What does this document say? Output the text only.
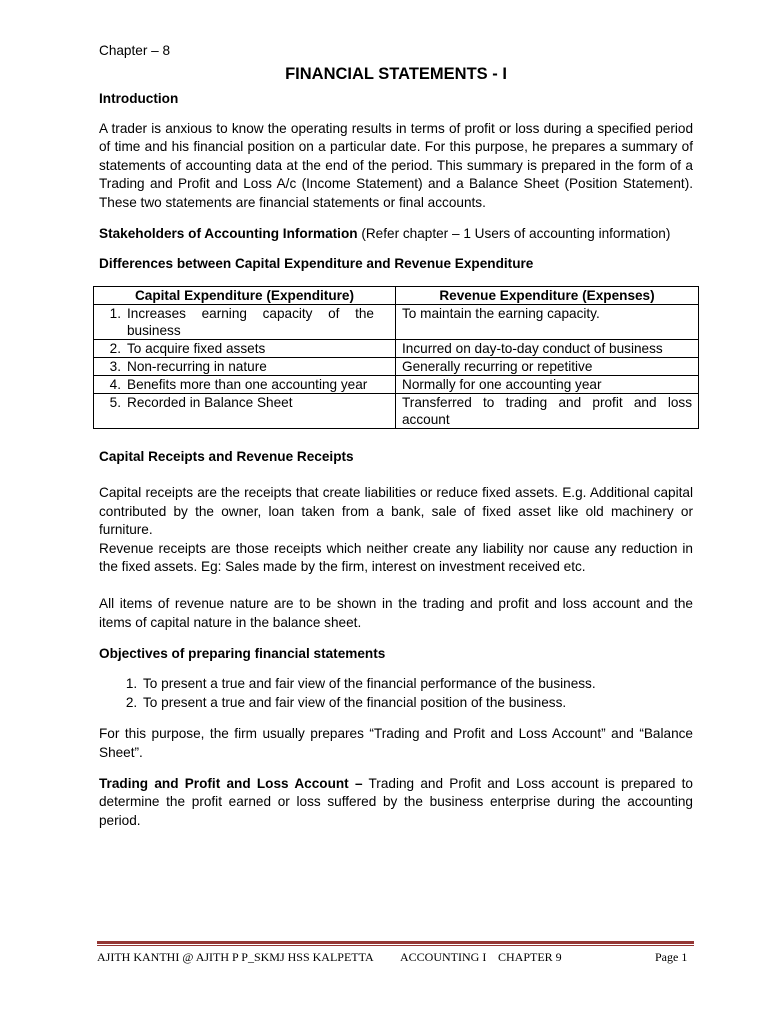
Chapter – 8

FINANCIAL STATEMENTS - I
Introduction

A trader is anxious to know the operating results in terms of profit or loss during a specified period of time and his financial position on a particular date. For this purpose, he prepares a summary of statements of accounting data at the end of the period. This summary is prepared in the form of a Trading and Profit and Loss A/c (Income Statement) and a Balance Sheet (Position Statement). These two statements are financial statements or final accounts.

Stakeholders of Accounting Information (Refer chapter – 1 Users of accounting information)

Differences between Capital Expenditure and Revenue Expenditure
Capital Expenditure (Expenditure)	Revenue Expenditure (Expenses)
1. Increases earning capacity of the business	To maintain the earning capacity.
2. To acquire fixed assets	Incurred on day-to-day conduct of business
3. Non-recurring in nature	Generally recurring or repetitive
4. Benefits more than one accounting year	Normally for one accounting year
5. Recorded in Balance Sheet	Transferred to trading and profit and loss account
Capital Receipts and Revenue Receipts

Capital receipts are the receipts that create liabilities or reduce fixed assets. E.g. Additional capital contributed by the owner, loan taken from a bank, sale of fixed asset like old machinery or furniture.

Revenue receipts are those receipts which neither create any liability nor cause any reduction in the fixed assets. Eg: Sales made by the firm, interest on investment received etc.

All items of revenue nature are to be shown in the trading and profit and loss account and the items of capital nature in the balance sheet.

Objectives of preparing financial statements
1. To present a true and fair view of the financial performance of the business.
2. To present a true and fair view of the financial position of the business.

For this purpose, the firm usually prepares “Trading and Profit and Loss Account” and “Balance Sheet”.

Trading and Profit and Loss Account – Trading and Profit and Loss account is prepared to determine the profit earned or loss suffered by the business enterprise during the accounting period.

AJITH KANTHI @ AJITH P P_SKMJ HSS KALPETTA ACCOUNTING I CHAPTER 9	Page 1
